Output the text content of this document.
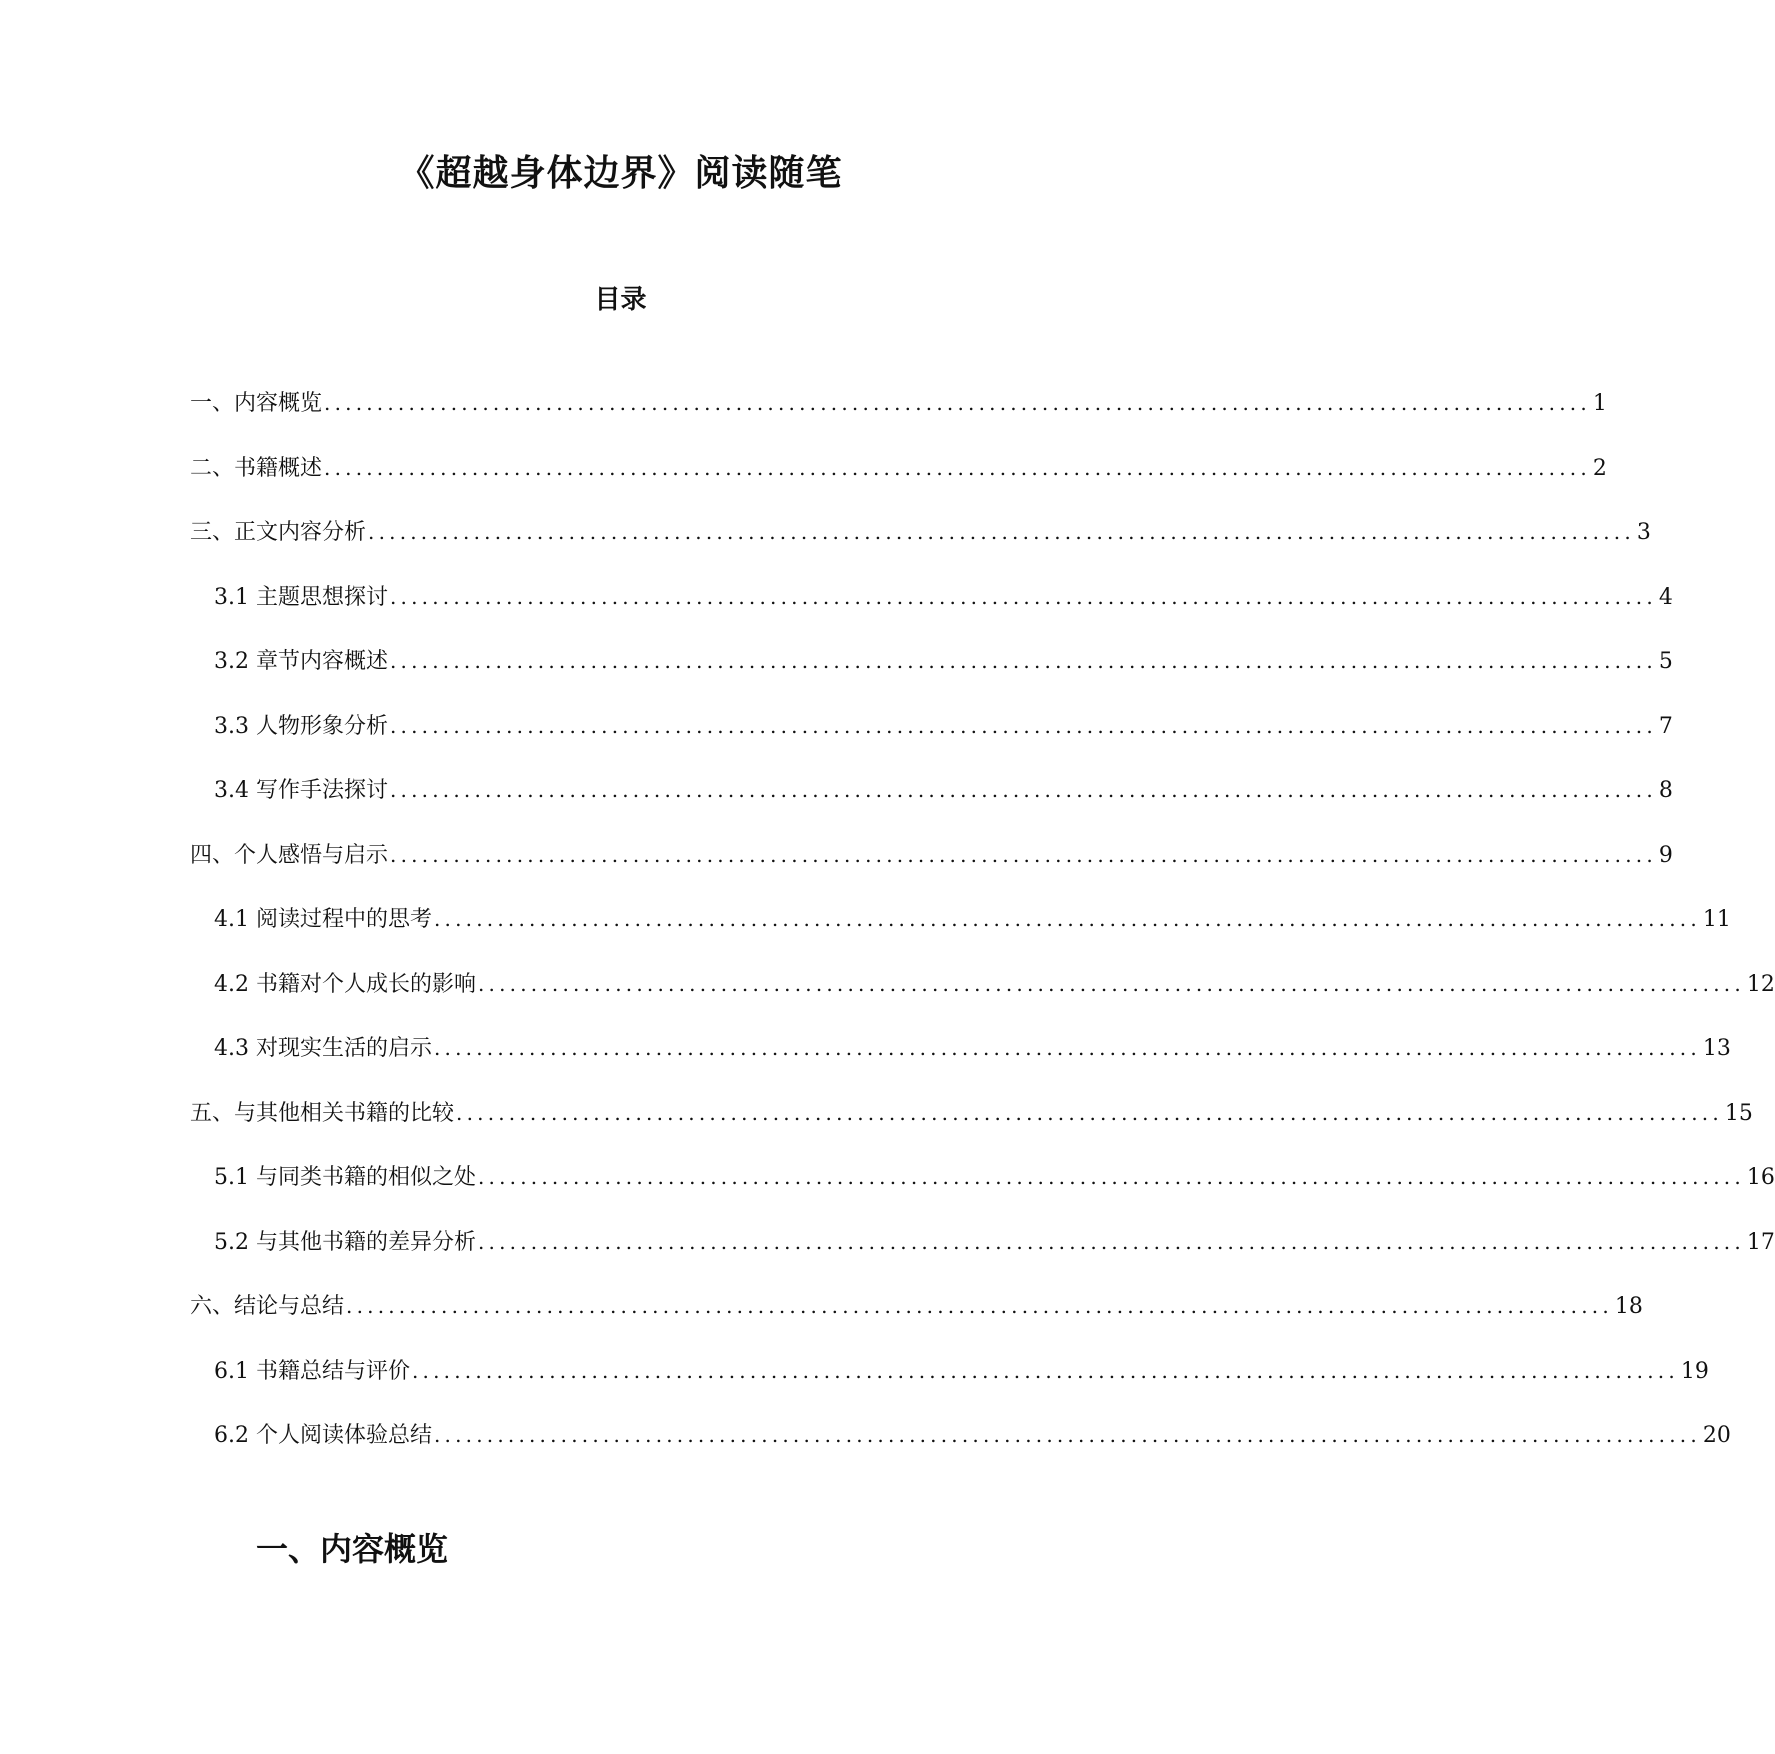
《超越身体边界》阅读随笔
目录
一、内容概览 ........................................................................................................................ 1
二、书籍概述 ........................................................................................................................ 2
三、正文内容分析 ........................................................................................................................ 3
3.1 主题思想探讨 ........................................................................................................................ 4
3.2 章节内容概述 ........................................................................................................................ 5
3.3 人物形象分析 ........................................................................................................................ 7
3.4 写作手法探讨 ........................................................................................................................ 8
四、个人感悟与启示 ........................................................................................................................ 9
4.1 阅读过程中的思考 ........................................................................................................................ 11
4.2 书籍对个人成长的影响 ........................................................................................................................ 12
4.3 对现实生活的启示 ........................................................................................................................ 13
五、与其他相关书籍的比较 ........................................................................................................................ 15
5.1 与同类书籍的相似之处 ........................................................................................................................ 16
5.2 与其他书籍的差异分析 ........................................................................................................................ 17
六、结论与总结 ........................................................................................................................ 18
6.1 书籍总结与评价 ........................................................................................................................ 19
6.2 个人阅读体验总结 ........................................................................................................................ 20
一、内容概览
